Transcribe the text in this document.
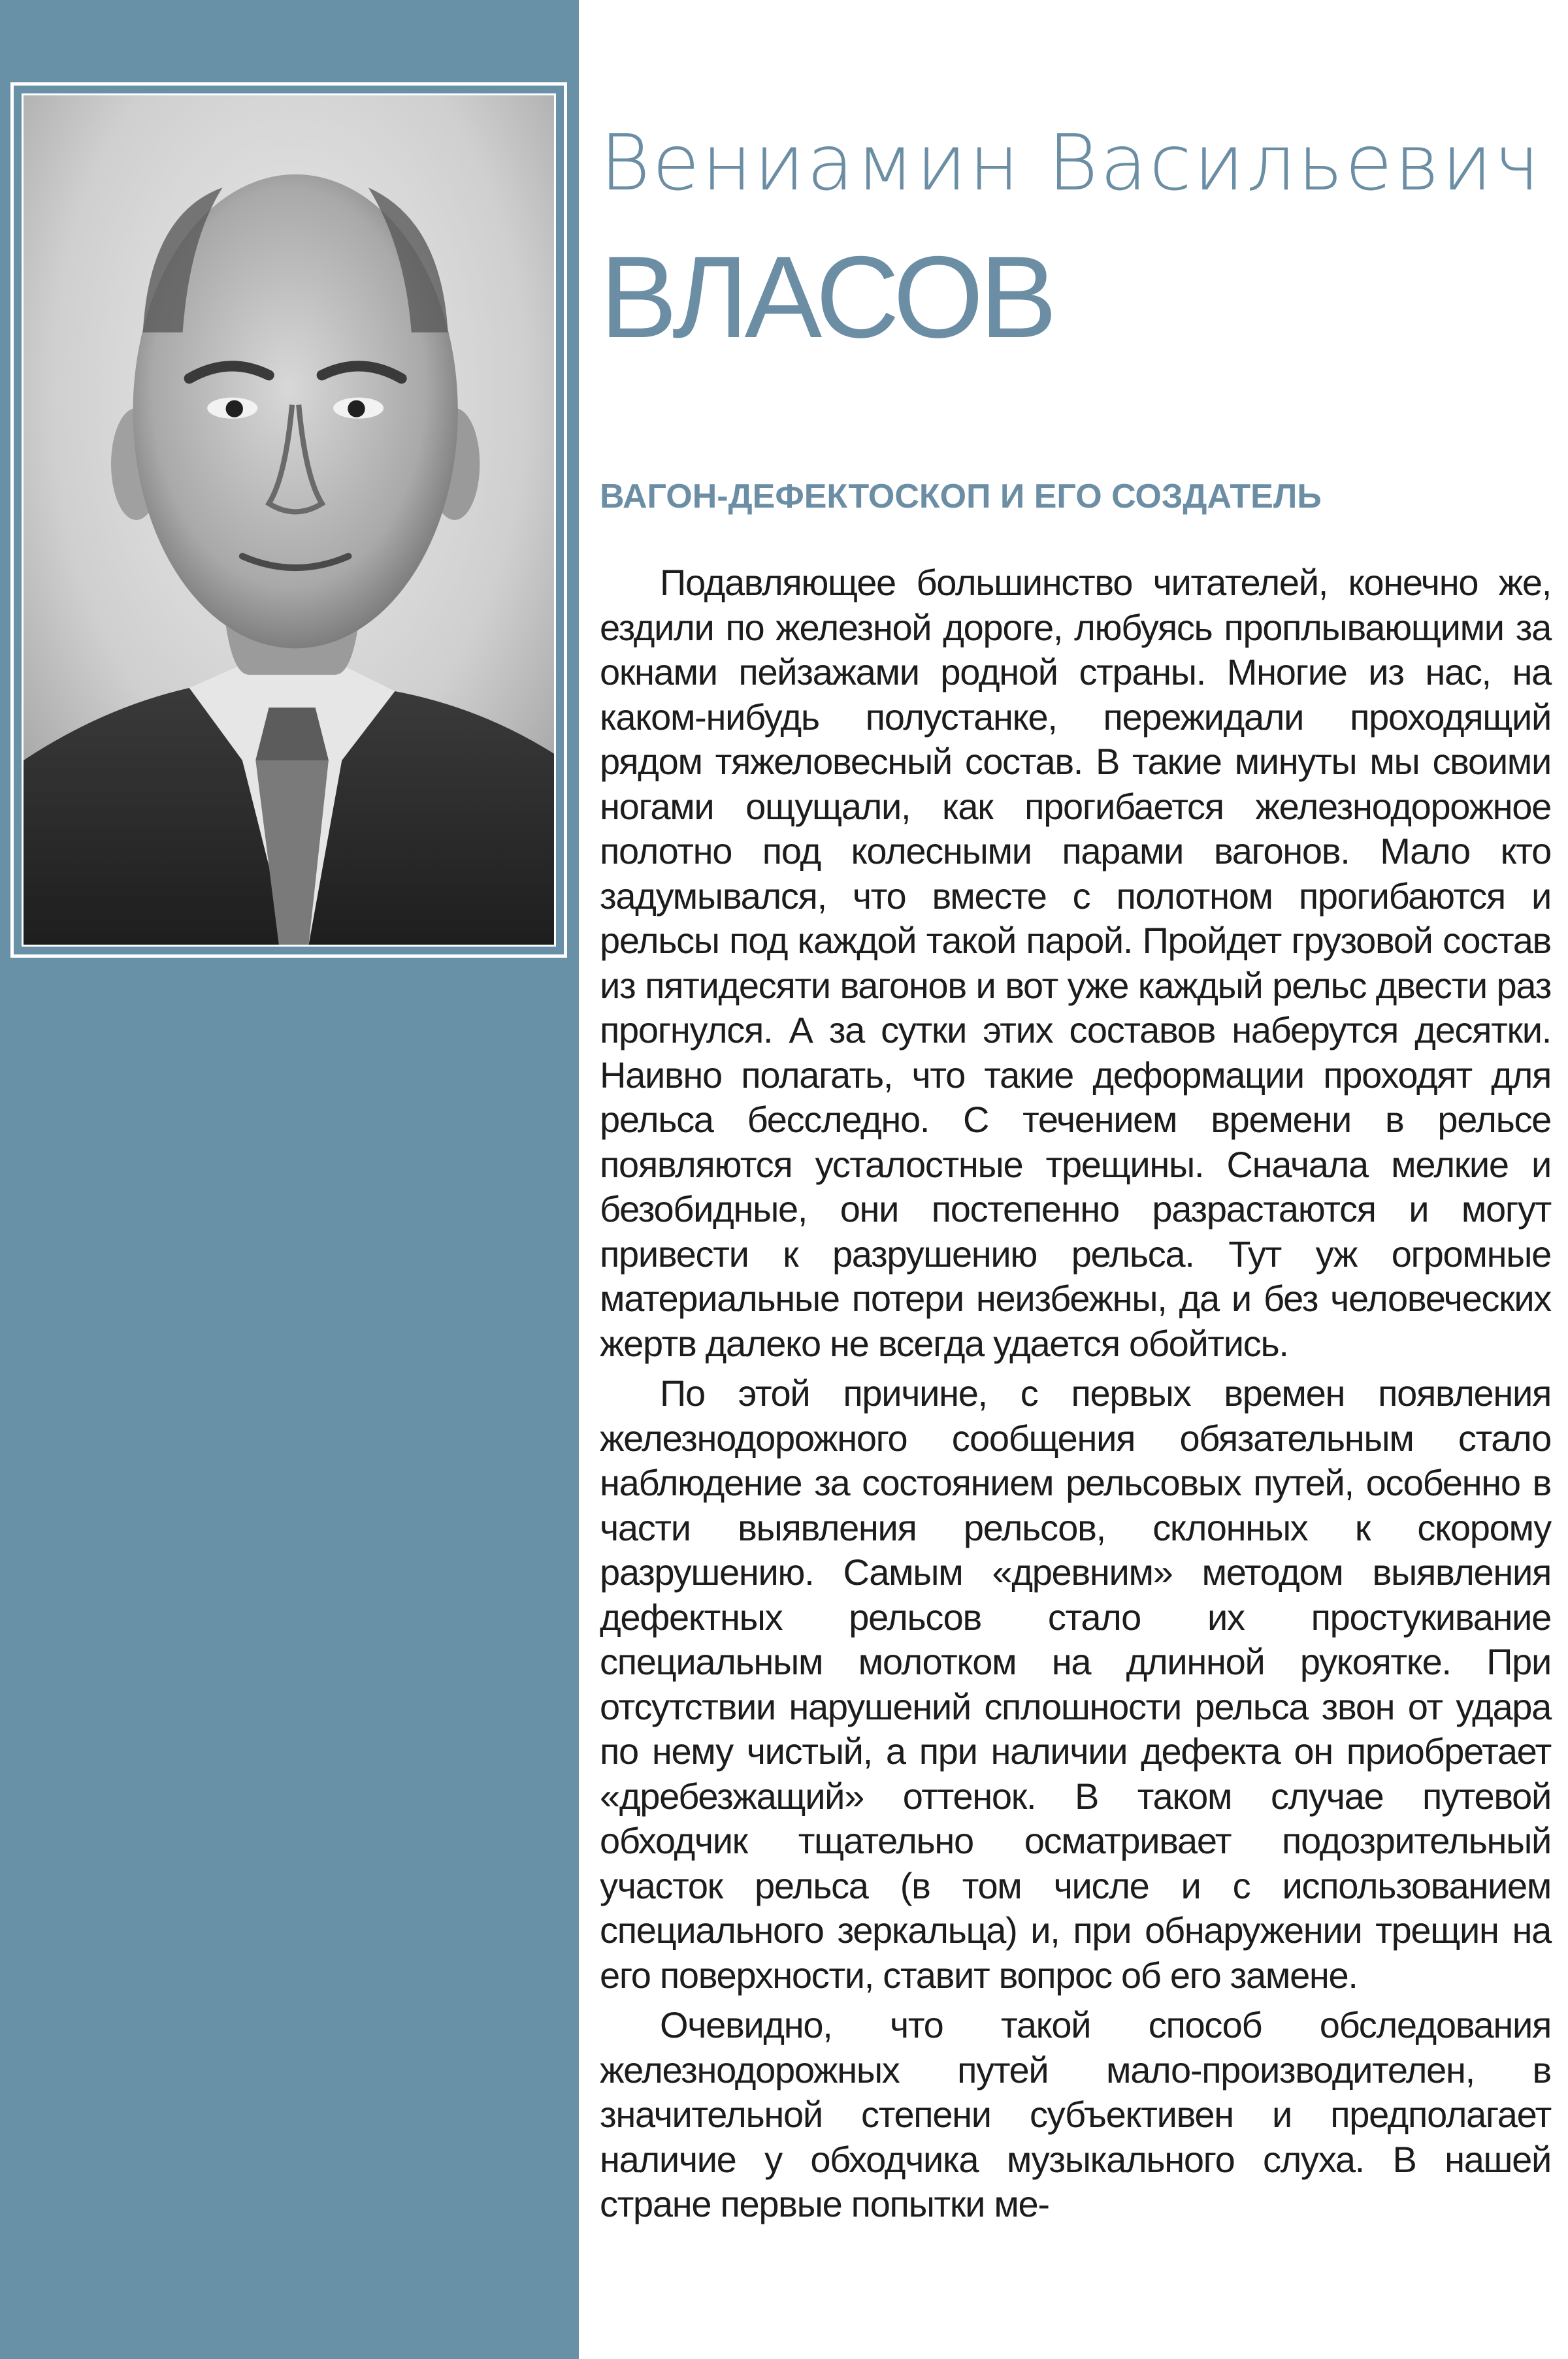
Вениамин Васильевич
ВЛАСОВ
ВАГОН-ДЕФЕКТОСКОП И ЕГО СОЗДАТЕЛЬ

Подавляющее большинство читателей, конечно же, ездили по железной дороге, любуясь проплывающими за окнами пейзажами родной страны. Многие из нас, на каком-нибудь полустанке, пережидали проходящий рядом тяжеловесный состав. В такие минуты мы своими ногами ощущали, как прогибается железнодорожное полотно под колесными парами вагонов. Мало кто задумывался, что вместе с полотном прогибаются и рельсы под каждой такой парой. Пройдет грузовой состав из пятидесяти вагонов и вот уже каждый рельс двести раз прогнулся. А за сутки этих составов наберутся десятки. Наивно полагать, что такие деформации проходят для рельса бесследно. С течением времени в рельсе появляются усталостные трещины. Сначала мелкие и безобидные, они постепенно разрастаются и могут привести к разрушению рельса. Тут уж огромные материальные потери неизбежны, да и без человеческих жертв далеко не всегда удается обойтись.

По этой причине, с первых времен появления железнодорожного сообщения обязательным стало наблюдение за состоянием рельсовых путей, особенно в части выявления рельсов, склонных к скорому разрушению. Самым «древним» методом выявления дефектных рельсов стало их простукивание специальным молотком на длинной рукоятке. При отсутствии нарушений сплошности рельса звон от удара по нему чистый, а при наличии дефекта он приобретает «дребезжащий» оттенок. В таком случае путевой обходчик тщательно осматривает подозрительный участок рельса (в том числе и с использованием специального зеркальца) и, при обнаружении трещин на его поверхности, ставит вопрос об его замене.

Очевидно, что такой способ обследования железнодорожных путей мало-производителен, в значительной степени субъективен и предполагает наличие у обходчика музыкального слуха. В нашей стране первые попытки ме-
